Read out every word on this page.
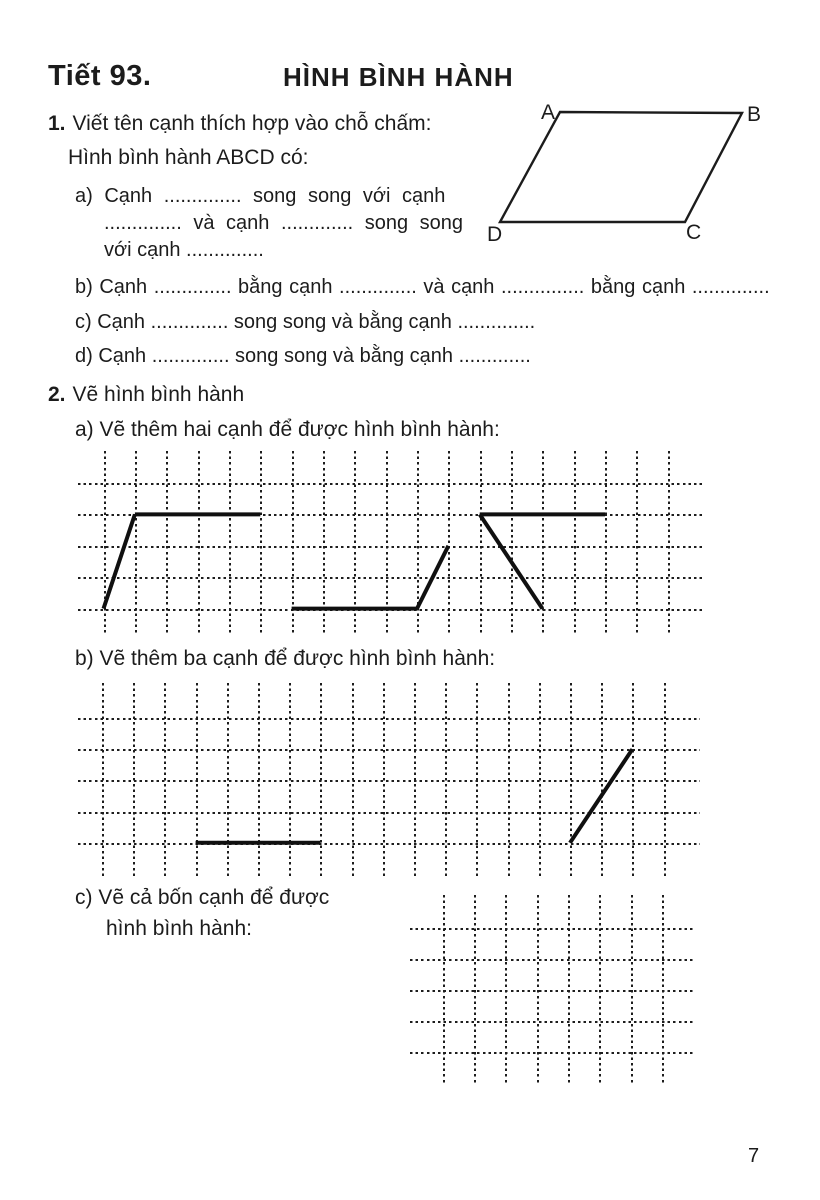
Tiết 93.	HÌNH BÌNH HÀNH
1. Viết tên cạnh thích hợp vào chỗ chấm:
Hình bình hành ABCD có:
a) Cạnh .............. song song với cạnh
.............. và cạnh ............. song song
với cạnh ..............
b) Cạnh .............. bằng cạnh .............. và cạnh ............... bằng cạnh ..............
c) Cạnh .............. song song và bằng cạnh ..............
d) Cạnh .............. song song và bằng cạnh .............
2. Vẽ hình bình hành
a) Vẽ thêm hai cạnh để được hình bình hành:
b) Vẽ thêm ba cạnh để được hình bình hành:
c) Vẽ cả bốn cạnh để được
hình bình hành:
7
A	B
C
D
